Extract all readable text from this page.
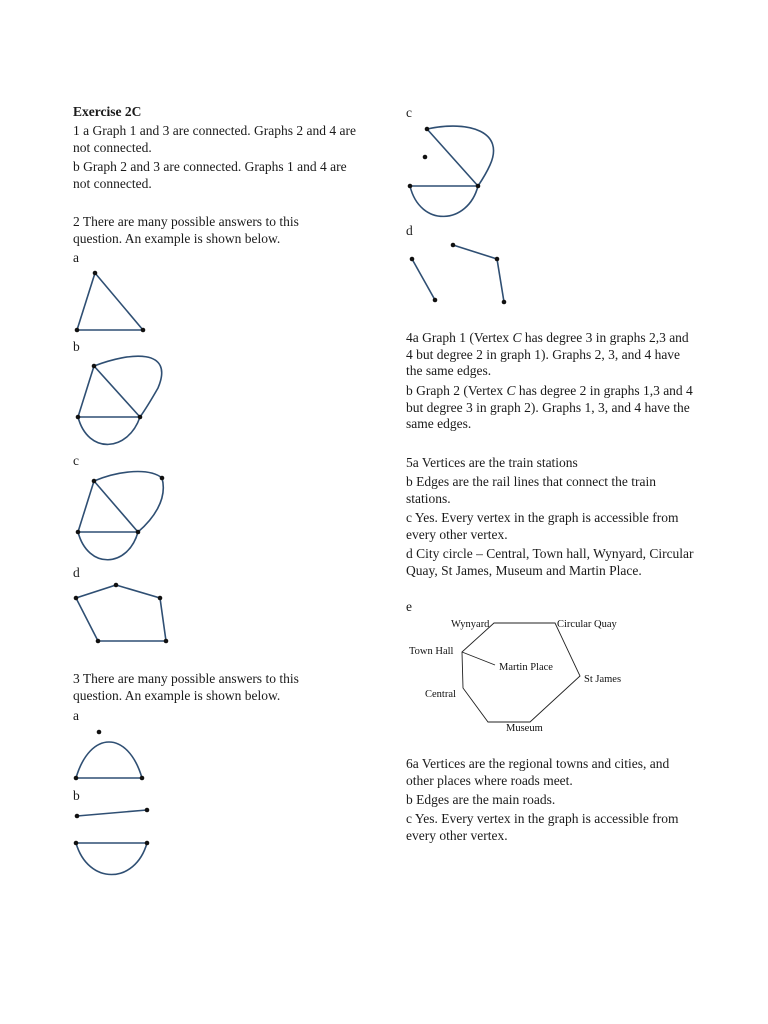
Exercise 2C

1 a Graph 1 and 3 are connected. Graphs 2 and 4 are not connected.

b Graph 2 and 3 are connected. Graphs 1 and 4 are not connected.

2 There are many possible answers to this question. An example is shown below.

a

b

c

d

3 There are many possible answers to this question. An example is shown below.

a

b

Wynyard	Circular Quay
Town Hall
Martin Place
St James
Central
Museum

c

d

4a Graph 1 (Vertex C has degree 3 in graphs 2,3 and 4 but degree 2 in graph 1). Graphs 2, 3, and 4 have the same edges.

b Graph 2 (Vertex C has degree 2 in graphs 1,3 and 4 but degree 3 in graph 2). Graphs 1, 3, and 4 have the same edges.

5a Vertices are the train stations

b Edges are the rail lines that connect the train stations.

c Yes. Every vertex in the graph is accessible from every other vertex.

d City circle – Central, Town hall, Wynyard, Circular Quay, St James, Museum and Martin Place.

e

6a Vertices are the regional towns and cities, and other places where roads meet.

b Edges are the main roads.

c Yes. Every vertex in the graph is accessible from every other vertex.
